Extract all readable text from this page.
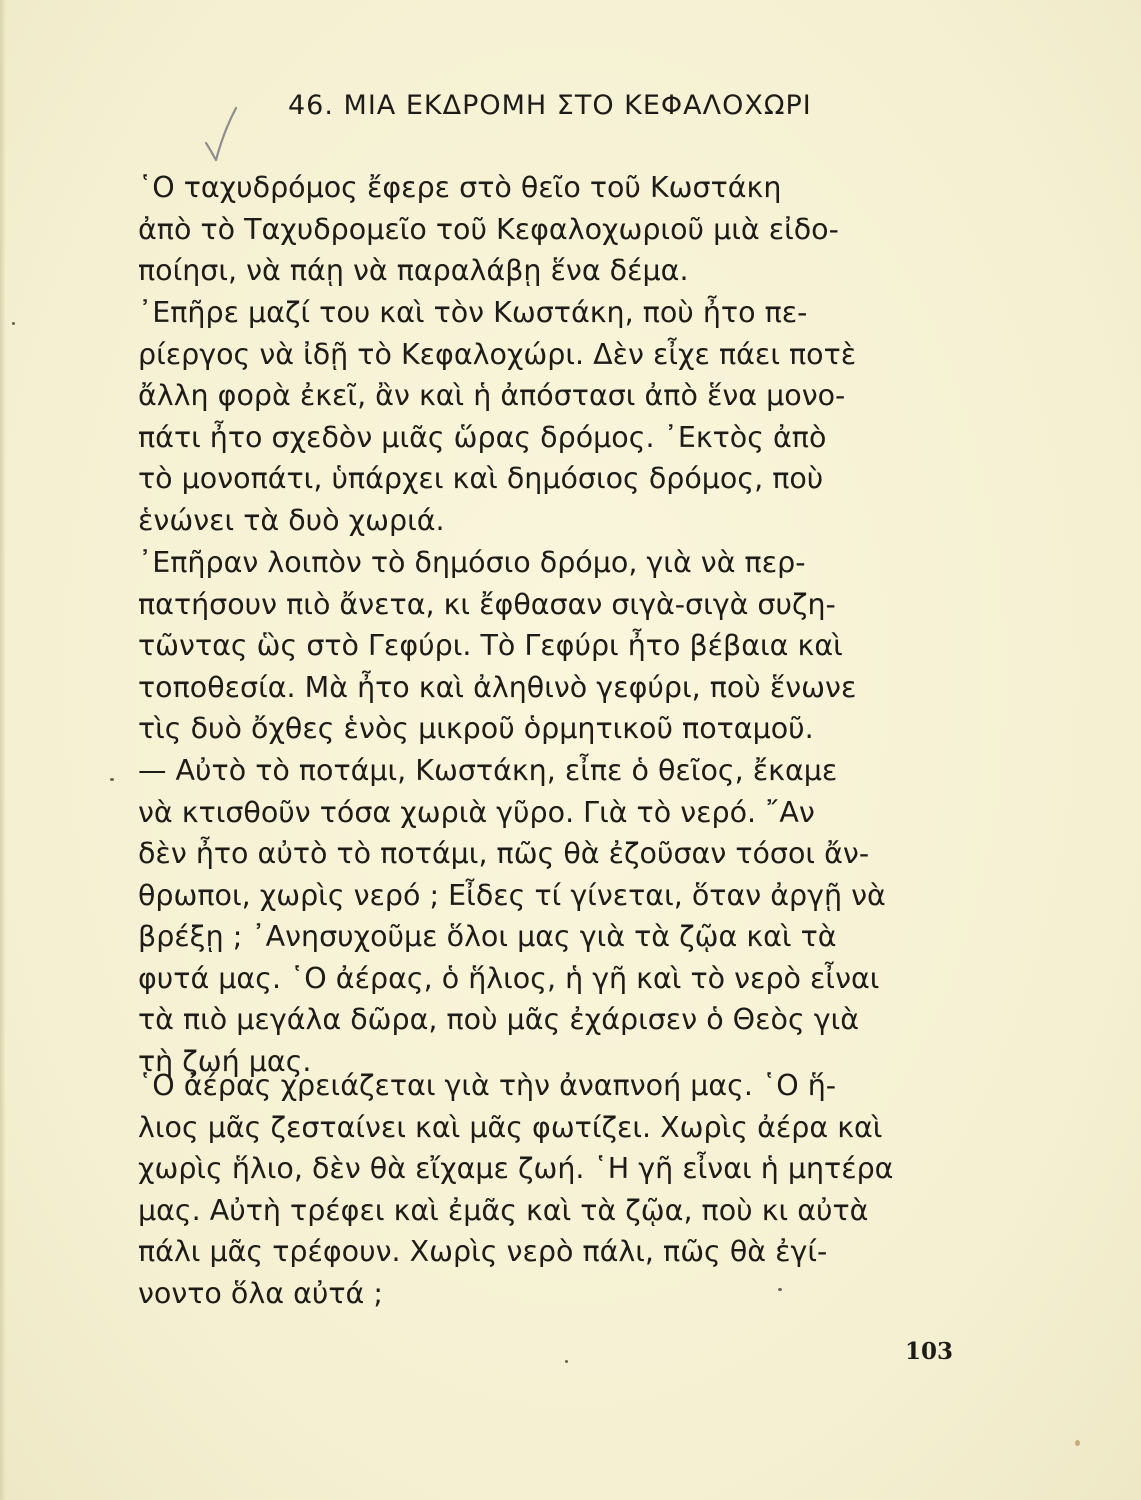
46. ΜΙΑ ΕΚΔΡΟΜΗ ΣΤΟ ΚΕΦΑΛΟΧΩΡΙ

῾Ο ταχυδρόμος ἔφερε στὸ θεῖο τοῦ Κωστάκη
ἀπὸ τὸ Ταχυδρομεῖο τοῦ Κεφαλοχωριοῦ μιὰ εἰδο-
ποίησι, νὰ πάῃ νὰ παραλάβῃ ἕνα δέμα.

᾿Επῆρε μαζί του καὶ τὸν Κωστάκη, ποὺ ἦτο πε-
ρίεργος νὰ ἰδῇ τὸ Κεφαλοχώρι. Δὲν εἶχε πάει ποτὲ
ἄλλη φορὰ ἐκεῖ, ἂν καὶ ἡ ἀπόστασι ἀπὸ ἕνα μονο-
πάτι ἦτο σχεδὸν μιᾶς ὥρας δρόμος. ᾿Εκτὸς ἀπὸ
τὸ μονοπάτι, ὑπάρχει καὶ δημόσιος δρόμος, ποὺ
ἑνώνει τὰ δυὸ χωριά.

᾿Επῆραν λοιπὸν τὸ δημόσιο δρόμο, γιὰ νὰ περ-
πατήσουν πιὸ ἄνετα, κι ἔφθασαν σιγὰ-σιγὰ συζη-
τῶντας ὣς στὸ Γεφύρι. Τὸ Γεφύρι ἦτο βέβαια καὶ
τοποθεσία. Μὰ ἦτο καὶ ἀληθινὸ γεφύρι, ποὺ ἕνωνε
τὶς δυὸ ὄχθες ἑνὸς μικροῦ ὁρμητικοῦ ποταμοῦ.

— Αὐτὸ τὸ ποτάμι, Κωστάκη, εἶπε ὁ θεῖος, ἔκαμε
νὰ κτισθοῦν τόσα χωριὰ γῦρο. Γιὰ τὸ νερό. ῎Αν
δὲν ἦτο αὐτὸ τὸ ποτάμι, πῶς θὰ ἐζοῦσαν τόσοι ἄν-
θρωποι, χωρὶς νερό ; Εἶδες τί γίνεται, ὅταν ἀργῇ νὰ
βρέξῃ ; ᾿Ανησυχοῦμε ὅλοι μας γιὰ τὰ ζῷα καὶ τὰ
φυτά μας. ῾Ο ἀέρας, ὁ ἥλιος, ἡ γῆ καὶ τὸ νερὸ εἶναι
τὰ πιὸ μεγάλα δῶρα, ποὺ μᾶς ἐχάρισεν ὁ Θεὸς γιὰ
τὴ ζωή μας.

῾Ο ἀέρας χρειάζεται γιὰ τὴν ἀναπνοή μας. ῾Ο ἥ-
λιος μᾶς ζεσταίνει καὶ μᾶς φωτίζει. Χωρὶς ἀέρα καὶ
χωρὶς ἥλιο, δὲν θὰ εἴχαμε ζωή. ῾Η γῆ εἶναι ἡ μητέρα
μας. Αὐτὴ τρέφει καὶ ἐμᾶς καὶ τὰ ζῷα, ποὺ κι αὐτὰ
πάλι μᾶς τρέφουν. Χωρὶς νερὸ πάλι, πῶς θὰ ἐγί-
νοντο ὅλα αὐτά ;

103
